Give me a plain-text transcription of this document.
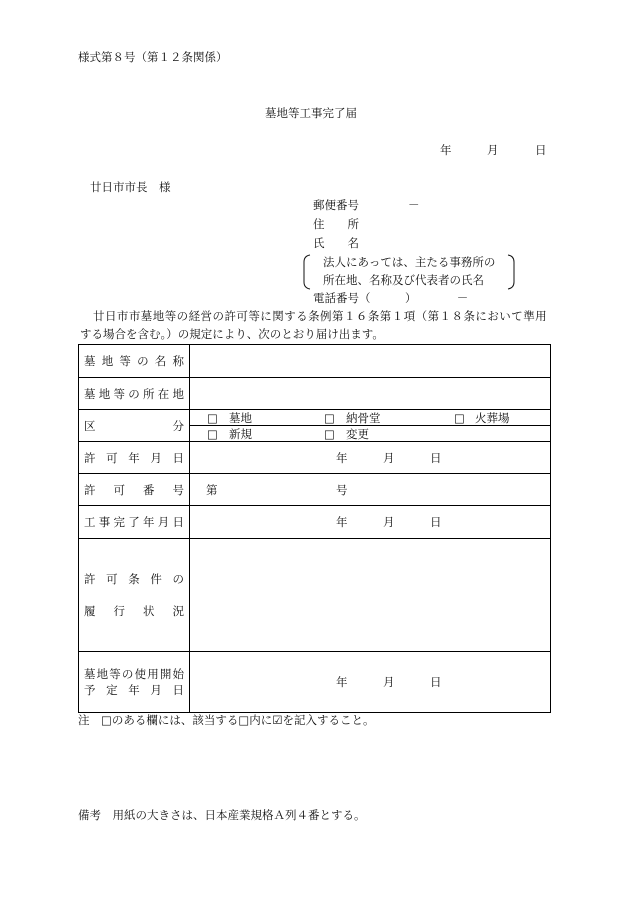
様式第８号（第１２条関係）
墓地等工事完了届
年	月	日
廿日市市長　様
郵便番号	－
住　　所
氏　　名
法人にあっては、主たる事務所の
所在地、名称及び代表者の氏名
電話番号（　　　）　　　　－
廿日市市墓地等の経営の許可等に関する条例第１６条第１項（第１８条において準用
する場合を含む。）の規定により、次のとおり届け出ます。
墓 地 等 の 名 称
墓 地 等 の 所 在 地
区	分
□ 墓地	□ 納骨堂	□ 火葬場
□ 新規	□ 変更
許 可 年 月 日	年	月	日
許 可 番 号 第	号
工 事 完 了 年 月 日	年	月	日
許 可 条 件 の
履 行 状 況
墓 地 等 の 使 用 開 始
予 定 年 月 日
年	月	日
注　□のある欄には、該当する□内に☑を記入すること。
備考　用紙の大きさは、日本産業規格Ａ列４番とする。
